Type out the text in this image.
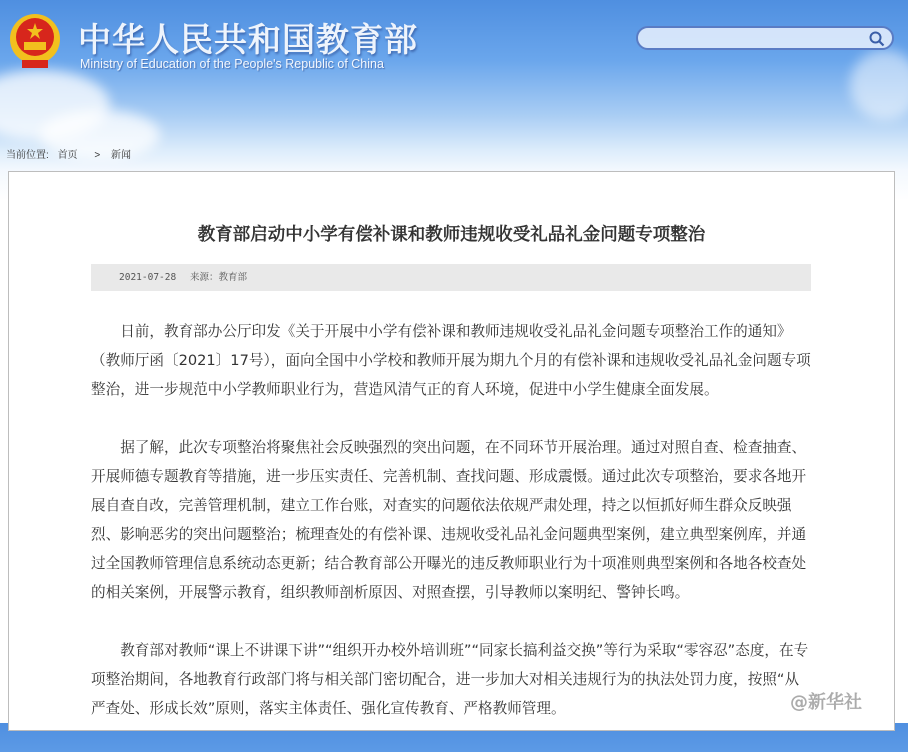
中华人民共和国教育部
Ministry of Education of the People's Republic of China
当前位置: 首页 > 新闻
教育部启动中小学有偿补课和教师违规收受礼品礼金问题专项整治
2021-07-28 来源：教育部

日前，教育部办公厅印发《关于开展中小学有偿补课和教师违规收受礼品礼金问题专项整治工作的通知》（教师厅函〔2021〕17号），面向全国中小学校和教师开展为期九个月的有偿补课和违规收受礼品礼金问题专项整治，进一步规范中小学教师职业行为，营造风清气正的育人环境，促进中小学生健康全面发展。

据了解，此次专项整治将聚焦社会反映强烈的突出问题，在不同环节开展治理。通过对照自查、检查抽查、开展师德专题教育等措施，进一步压实责任、完善机制、查找问题、形成震慑。通过此次专项整治，要求各地开展自查自改，完善管理机制，建立工作台账，对查实的问题依法依规严肃处理，持之以恒抓好师生群众反映强烈、影响恶劣的突出问题整治；梳理查处的有偿补课、违规收受礼品礼金问题典型案例，建立典型案例库，并通过全国教师管理信息系统动态更新；结合教育部公开曝光的违反教师职业行为十项准则典型案例和各地各校查处的相关案例，开展警示教育，组织教师剖析原因、对照查摆，引导教师以案明纪、警钟长鸣。

教育部对教师“课上不讲课下讲”“组织开办校外培训班”“同家长搞利益交换”等行为采取“零容忍”态度，在专项整治期间，各地教育行政部门将与相关部门密切配合，进一步加大对相关违规行为的执法处罚力度，按照“从严查处、形成长效”原则，落实主体责任、强化宣传教育、严格教师管理。	@新华社
